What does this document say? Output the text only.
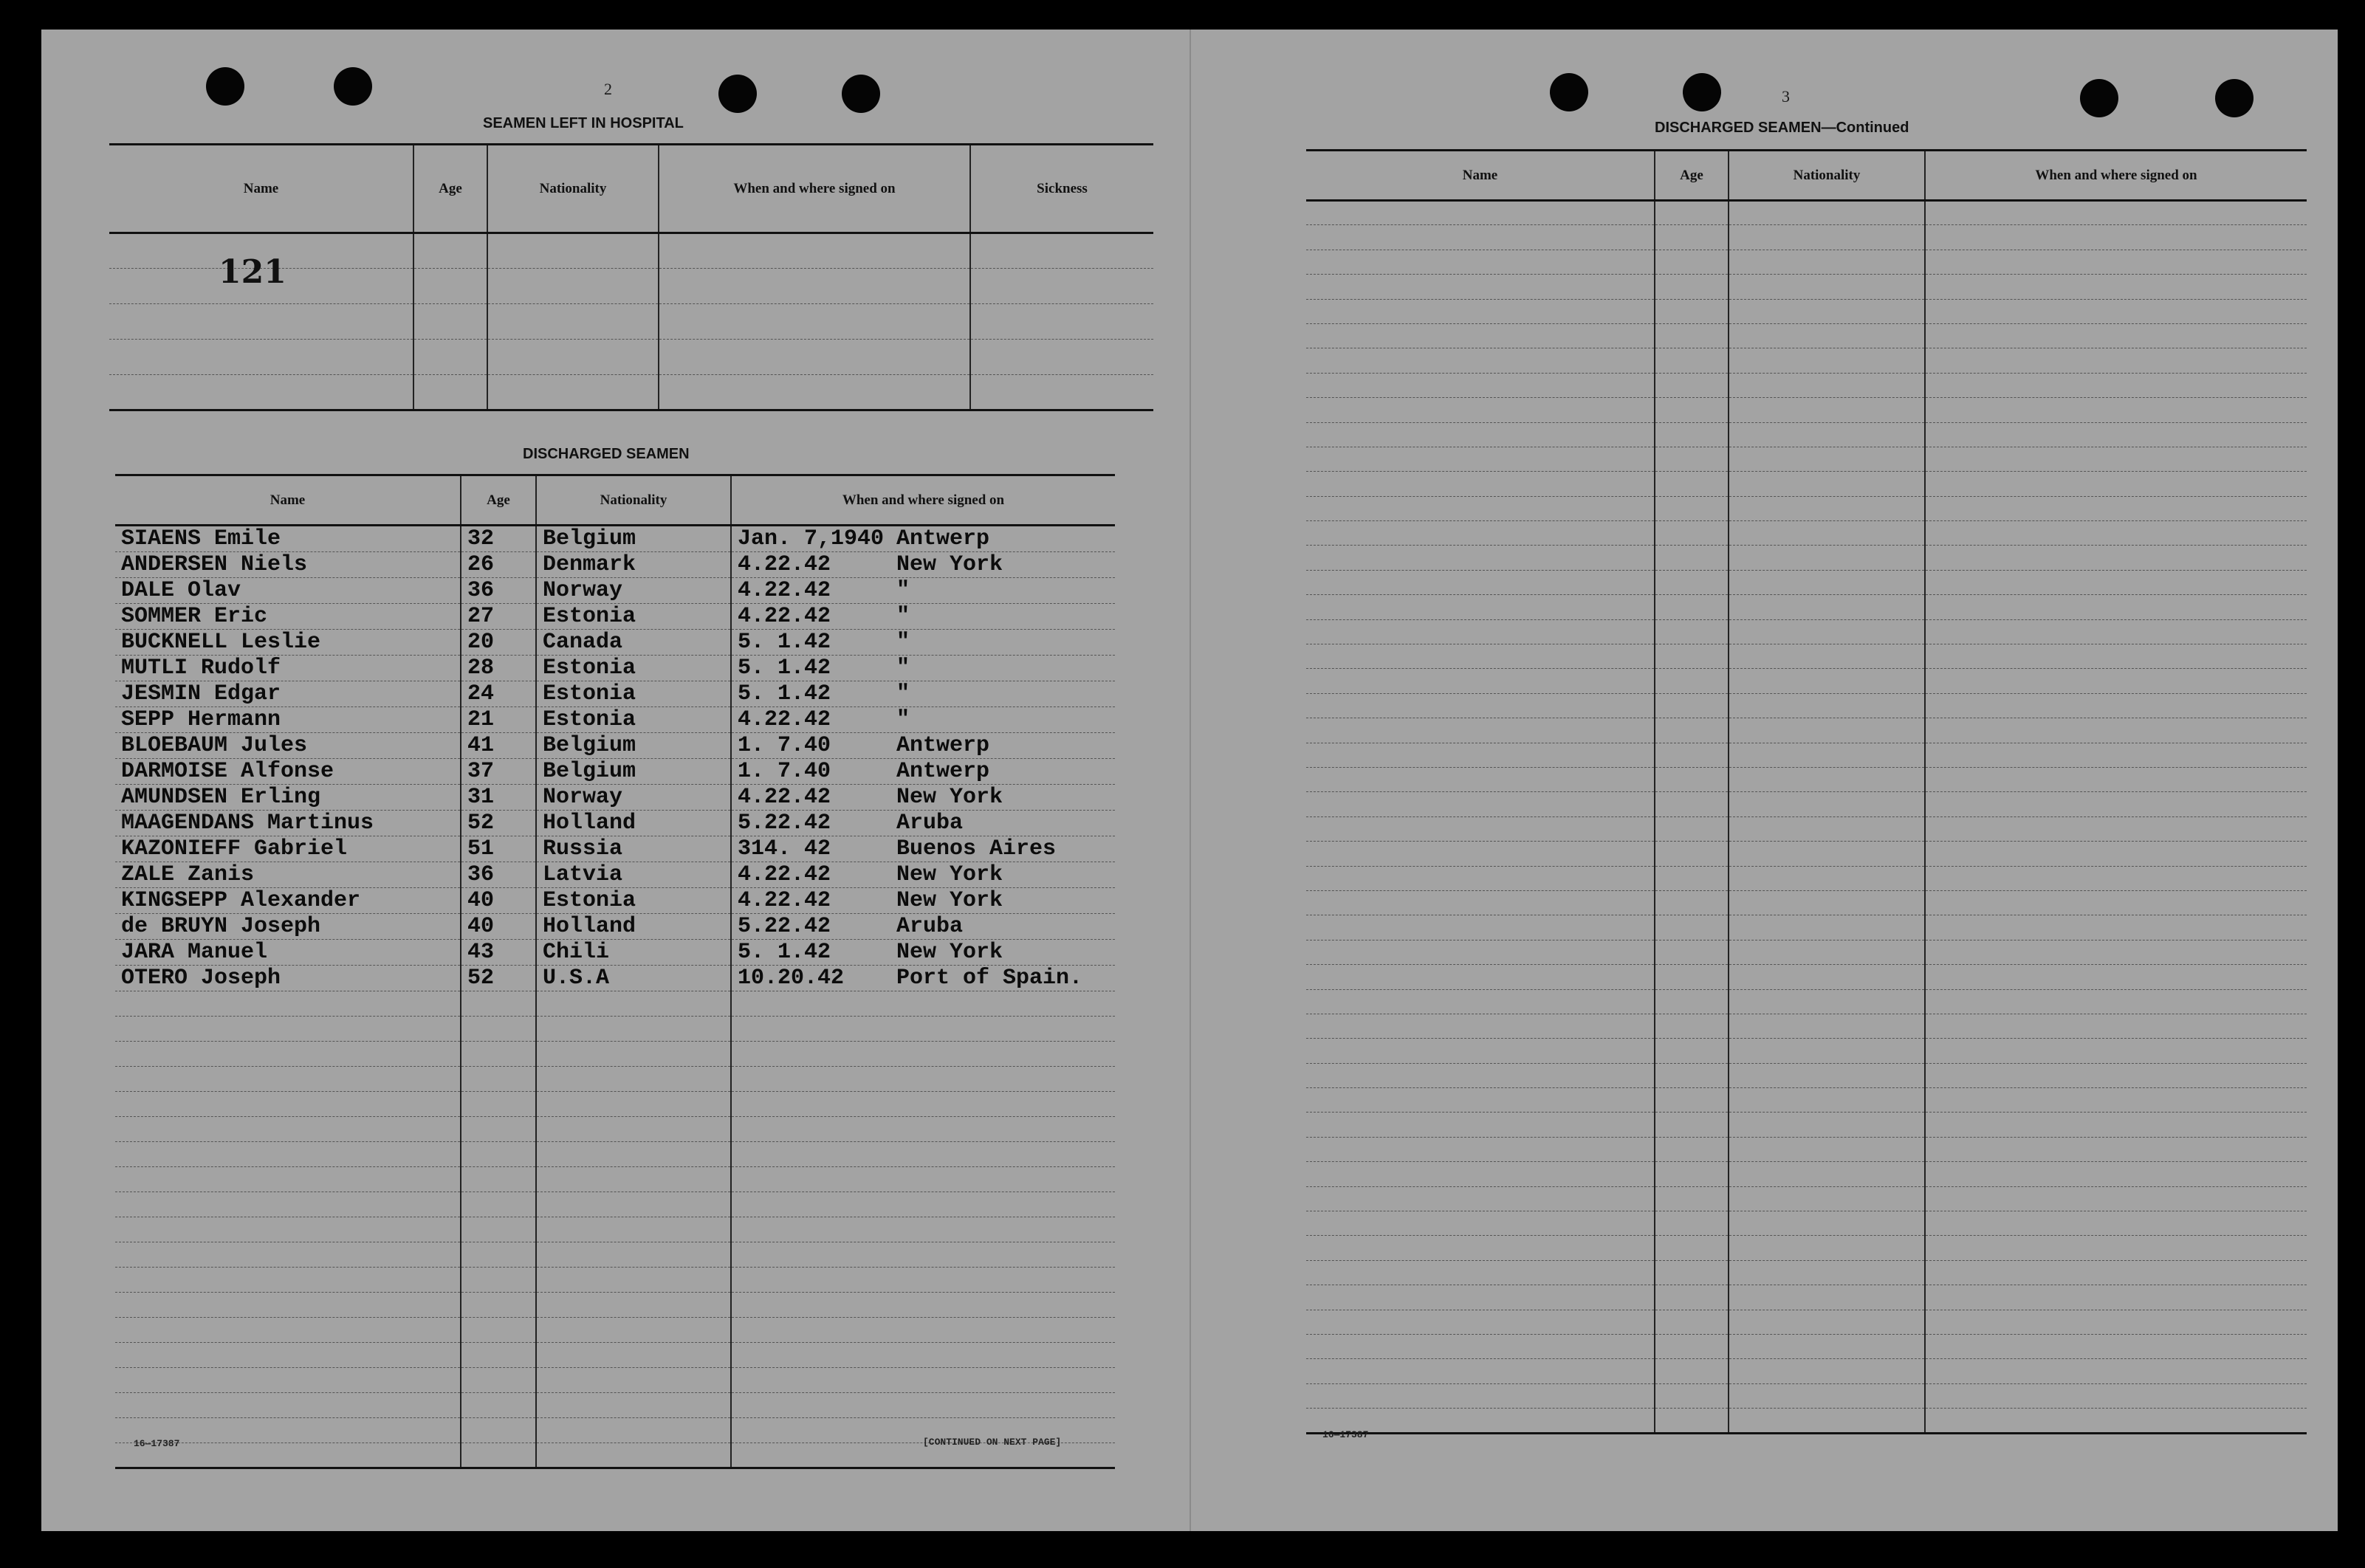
2
SEAMEN LEFT IN HOSPITAL
Name	Age	Nationality	When and where signed on	Sickness

121
DISCHARGED SEAMEN
Name	Age	Nationality	When and where signed on
SIAENS Emile	32	Belgium	Jan. 7,1940 Antwerp

ANDERSEN Niels	26	Denmark	4.22.42 New York

DALE Olav	36	Norway	4.22.42 "

SOMMER Eric	27	Estonia	4.22.42 "

BUCKNELL Leslie	20	Canada	5. 1.42 "

MUTLI Rudolf	28	Estonia	5. 1.42 "

JESMIN Edgar	24	Estonia	5. 1.42 "

SEPP Hermann	21	Estonia	4.22.42 "

BLOEBAUM Jules	41	Belgium	1. 7.40 Antwerp

DARMOISE Alfonse	37	Belgium	1. 7.40 Antwerp

AMUNDSEN Erling	31	Norway	4.22.42 New York

MAAGENDANS Martinus	52	Holland	5.22.42 Aruba

KAZONIEFF Gabriel	51	Russia	314. 42 Buenos Aires

ZALE Zanis	36	Latvia	4.22.42 New York

KINGSEPP Alexander	40	Estonia	4.22.42 New York

de BRUYN Joseph	40	Holland	5.22.42 Aruba

JARA Manuel	43	Chili	5. 1.42 New York

OTERO Joseph	52	U.S.A	10.20.42 Port of Spain.

16—17387	[CONTINUED ON NEXT PAGE]
3
DISCHARGED SEAMEN—Continued
Name	Age	Nationality	When and where signed on

16—17387
